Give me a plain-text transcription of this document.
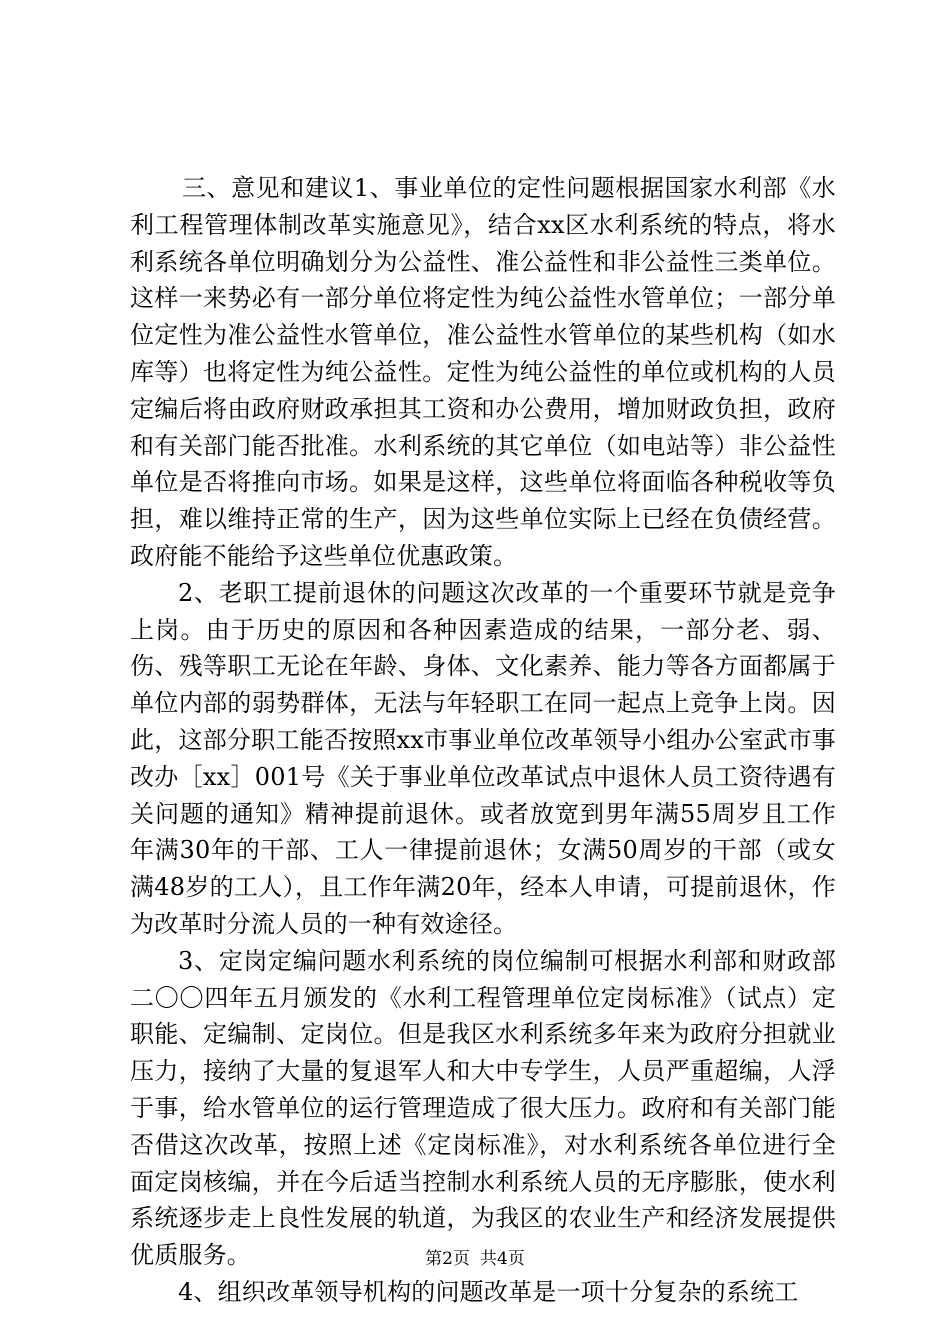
三、意见和建议1、事业单位的定性问题根据国家水利部《水利工程管理体制改革实施意见》，结合xx区水利系统的特点，将水利系统各单位明确划分为公益性、准公益性和非公益性三类单位。这样一来势必有一部分单位将定性为纯公益性水管单位；一部分单位定性为准公益性水管单位，准公益性水管单位的某些机构（如水库等）也将定性为纯公益性。定性为纯公益性的单位或机构的人员定编后将由政府财政承担其工资和办公费用，增加财政负担，政府和有关部门能否批准。水利系统的其它单位（如电站等）非公益性单位是否将推向市场。如果是这样，这些单位将面临各种税收等负担，难以维持正常的生产，因为这些单位实际上已经在负债经营。政府能不能给予这些单位优惠政策。

2、老职工提前退休的问题这次改革的一个重要环节就是竞争上岗。由于历史的原因和各种因素造成的结果，一部分老、弱、伤、残等职工无论在年龄、身体、文化素养、能力等各方面都属于单位内部的弱势群体，无法与年轻职工在同一起点上竞争上岗。因此，这部分职工能否按照xx市事业单位改革领导小组办公室武市事改办［xx］001号《关于事业单位改革试点中退休人员工资待遇有关问题的通知》精神提前退休。或者放宽到男年满55周岁且工作年满30年的干部、工人一律提前退休；女满50周岁的干部（或女满48岁的工人），且工作年满20年，经本人申请，可提前退休，作为改革时分流人员的一种有效途径。

3、定岗定编问题水利系统的岗位编制可根据水利部和财政部二〇〇四年五月颁发的《水利工程管理单位定岗标准》（试点）定职能、定编制、定岗位。但是我区水利系统多年来为政府分担就业压力，接纳了大量的复退军人和大中专学生，人员严重超编，人浮于事，给水管单位的运行管理造成了很大压力。政府和有关部门能否借这次改革，按照上述《定岗标准》，对水利系统各单位进行全面定岗核编，并在今后适当控制水利系统人员的无序膨胀，使水利系统逐步走上良性发展的轨道，为我区的农业生产和经济发展提供优质服务。

4、组织改革领导机构的问题改革是一项十分复杂的系统工

第2页 共4页
